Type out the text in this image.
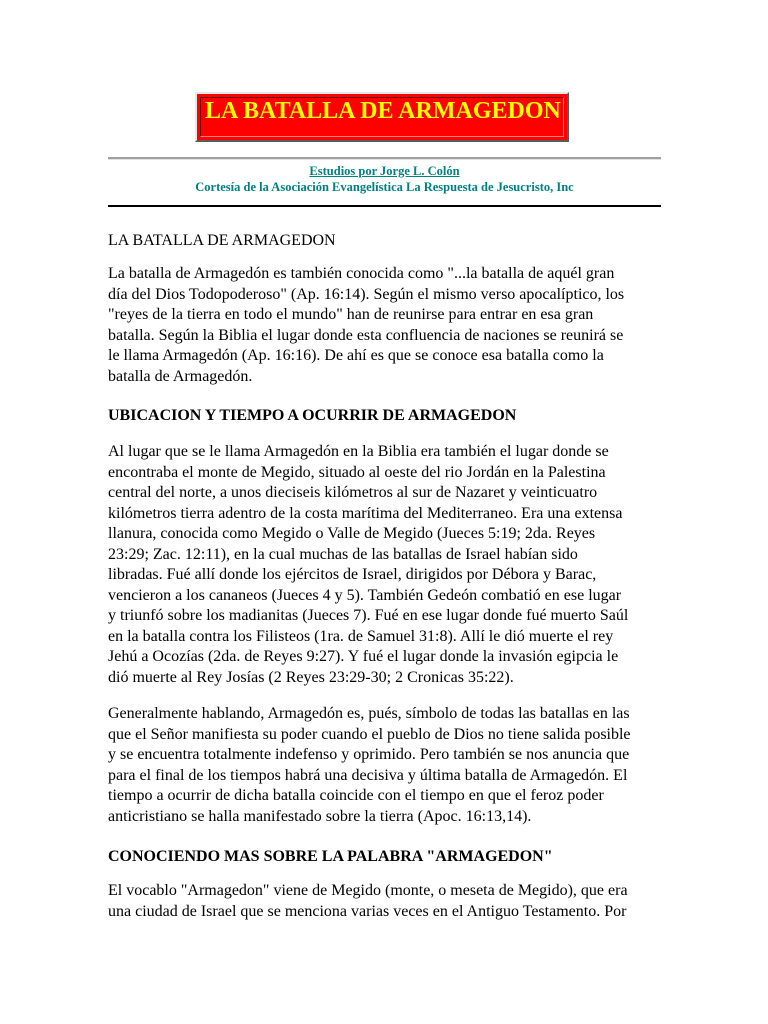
LA BATALLA DE ARMAGEDON
Estudios por Jorge L. Colón
Cortesía de la Asociación Evangelística La Respuesta de Jesucristo, Inc
LA BATALLA DE ARMAGEDON
La batalla de Armagedón es también conocida como "...la batalla de aquél gran
día del Dios Todopoderoso" (Ap. 16:14). Según el mismo verso apocalíptico, los
"reyes de la tierra en todo el mundo" han de reunirse para entrar en esa gran
batalla. Según la Biblia el lugar donde esta confluencia de naciones se reunirá se
le llama Armagedón (Ap. 16:16). De ahí es que se conoce esa batalla como la
batalla de Armagedón.
UBICACION Y TIEMPO A OCURRIR DE ARMAGEDON
Al lugar que se le llama Armagedón en la Biblia era también el lugar donde se
encontraba el monte de Megido, situado al oeste del rio Jordán en la Palestina
central del norte, a unos dieciseis kilómetros al sur de Nazaret y veinticuatro
kilómetros tierra adentro de la costa marítima del Mediterraneo. Era una extensa
llanura, conocida como Megido o Valle de Megido (Jueces 5:19; 2da. Reyes
23:29; Zac. 12:11), en la cual muchas de las batallas de Israel habían sido
libradas. Fué allí donde los ejércitos de Israel, dirigidos por Débora y Barac,
vencieron a los cananeos (Jueces 4 y 5). También Gedeón combatió en ese lugar
y triunfó sobre los madianitas (Jueces 7). Fué en ese lugar donde fué muerto Saúl
en la batalla contra los Filisteos (1ra. de Samuel 31:8). Allí le dió muerte el rey
Jehú a Ocozías (2da. de Reyes 9:27). Y fué el lugar donde la invasión egipcia le
dió muerte al Rey Josías (2 Reyes 23:29-30; 2 Cronicas 35:22).
Generalmente hablando, Armagedón es, pués, símbolo de todas las batallas en las
que el Señor manifiesta su poder cuando el pueblo de Dios no tiene salida posible
y se encuentra totalmente indefenso y oprimido. Pero también se nos anuncia que
para el final de los tiempos habrá una decisiva y última batalla de Armagedón. El
tiempo a ocurrir de dicha batalla coincide con el tiempo en que el feroz poder
anticristiano se halla manifestado sobre la tierra (Apoc. 16:13,14).
CONOCIENDO MAS SOBRE LA PALABRA "ARMAGEDON"
El vocablo "Armagedon" viene de Megido (monte, o meseta de Megido), que era
una ciudad de Israel que se menciona varias veces en el Antiguo Testamento. Por
